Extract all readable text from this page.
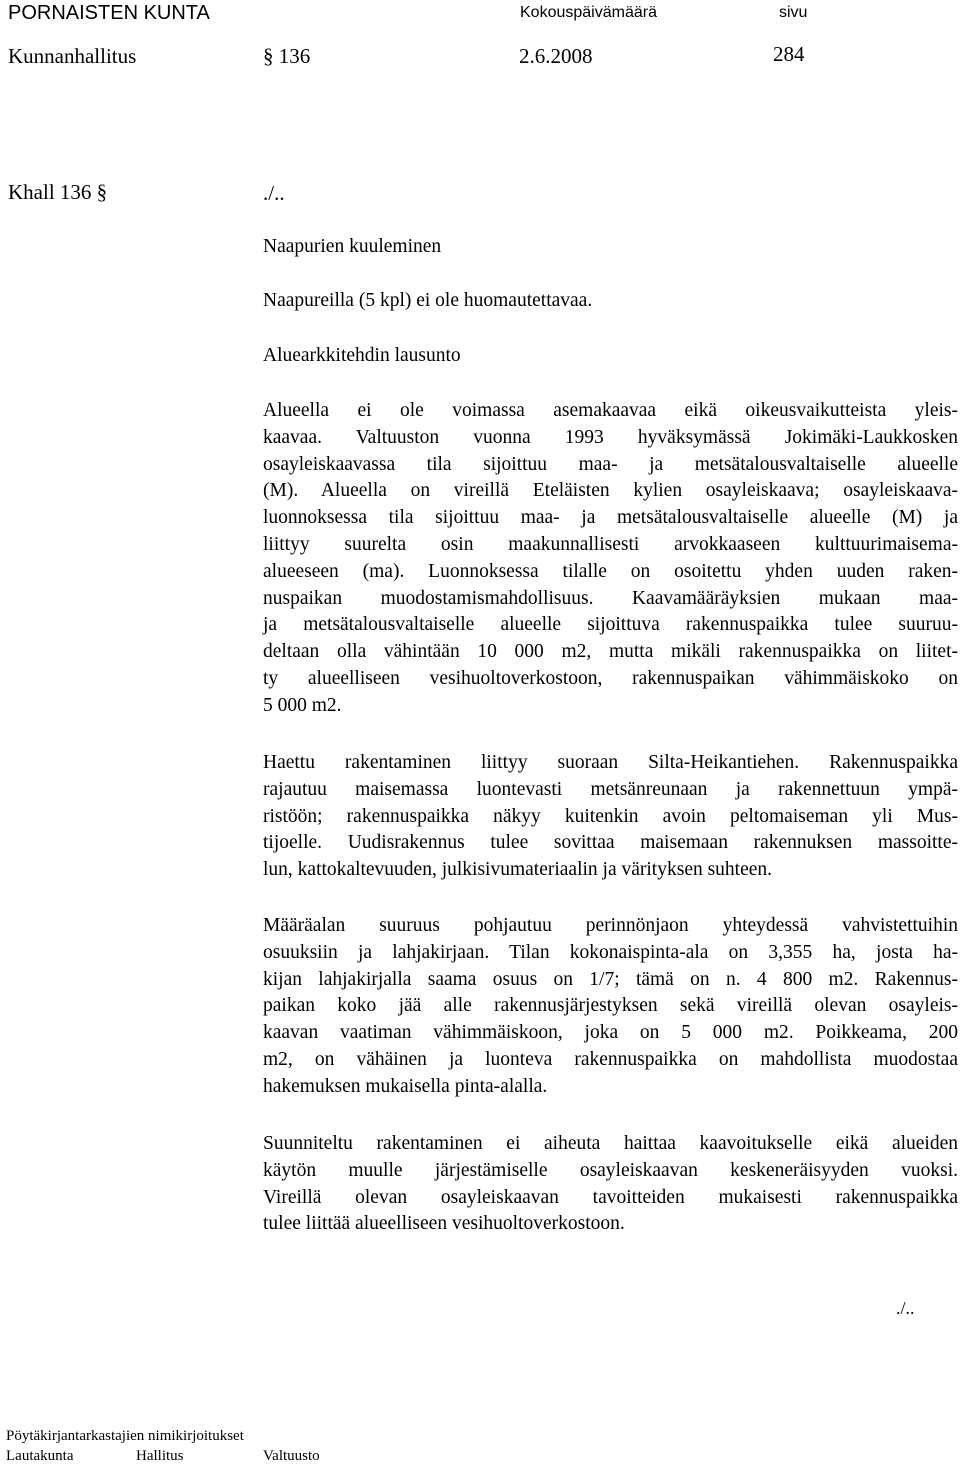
PORNAISTEN KUNTA	Kokouspäivämäärä	sivu
Kunnanhallitus	§ 136	2.6.2008	284
Khall 136 §	./..
Naapurien kuuleminen
Naapureilla (5 kpl) ei ole huomautettavaa.
Aluearkkitehdin lausunto
Alueella ei ole voimassa asemakaavaa eikä oikeusvaikutteista yleis-
kaavaa. Valtuuston vuonna 1993 hyväksymässä Jokimäki-Laukkosken
osayleiskaavassa tila sijoittuu maa- ja metsätalousvaltaiselle alueelle
(M). Alueella on vireillä Eteläisten kylien osayleiskaava; osayleiskaava-
luonnoksessa tila sijoittuu maa- ja metsätalousvaltaiselle alueelle (M) ja
liittyy suurelta osin maakunnallisesti arvokkaaseen kulttuurimaisema-
alueeseen (ma). Luonnoksessa tilalle on osoitettu yhden uuden raken-
nuspaikan muodostamismahdollisuus. Kaavamääräyksien mukaan maa-
ja metsätalousvaltaiselle alueelle sijoittuva rakennuspaikka tulee suuruu-
deltaan olla vähintään 10 000 m2, mutta mikäli rakennuspaikka on liitet-
ty alueelliseen vesihuoltoverkostoon, rakennuspaikan vähimmäiskoko on
5 000 m2.
Haettu rakentaminen liittyy suoraan Silta-Heikantiehen. Rakennuspaikka
rajautuu maisemassa luontevasti metsänreunaan ja rakennettuun ympä-
ristöön; rakennuspaikka näkyy kuitenkin avoin peltomaiseman yli Mus-
tijoelle. Uudisrakennus tulee sovittaa maisemaan rakennuksen massoitte-
lun, kattokaltevuuden, julkisivumateriaalin ja värityksen suhteen.
Määräalan suuruus pohjautuu perinnönjaon yhteydessä vahvistettuihin
osuuksiin ja lahjakirjaan. Tilan kokonaispinta-ala on 3,355 ha, josta ha-
kijan lahjakirjalla saama osuus on 1/7; tämä on n. 4 800 m2. Rakennus-
paikan koko jää alle rakennusjärjestyksen sekä vireillä olevan osayleis-
kaavan vaatiman vähimmäiskoon, joka on 5 000 m2. Poikkeama, 200
m2, on vähäinen ja luonteva rakennuspaikka on mahdollista muodostaa
hakemuksen mukaisella pinta-alalla.
Suunniteltu rakentaminen ei aiheuta haittaa kaavoitukselle eikä alueiden
käytön muulle järjestämiselle osayleiskaavan keskeneräisyyden vuoksi.
Vireillä olevan osayleiskaavan tavoitteiden mukaisesti rakennuspaikka
tulee liittää alueelliseen vesihuoltoverkostoon.
./..
Pöytäkirjantarkastajien nimikirjoitukset
Lautakunta	Hallitus	Valtuusto
